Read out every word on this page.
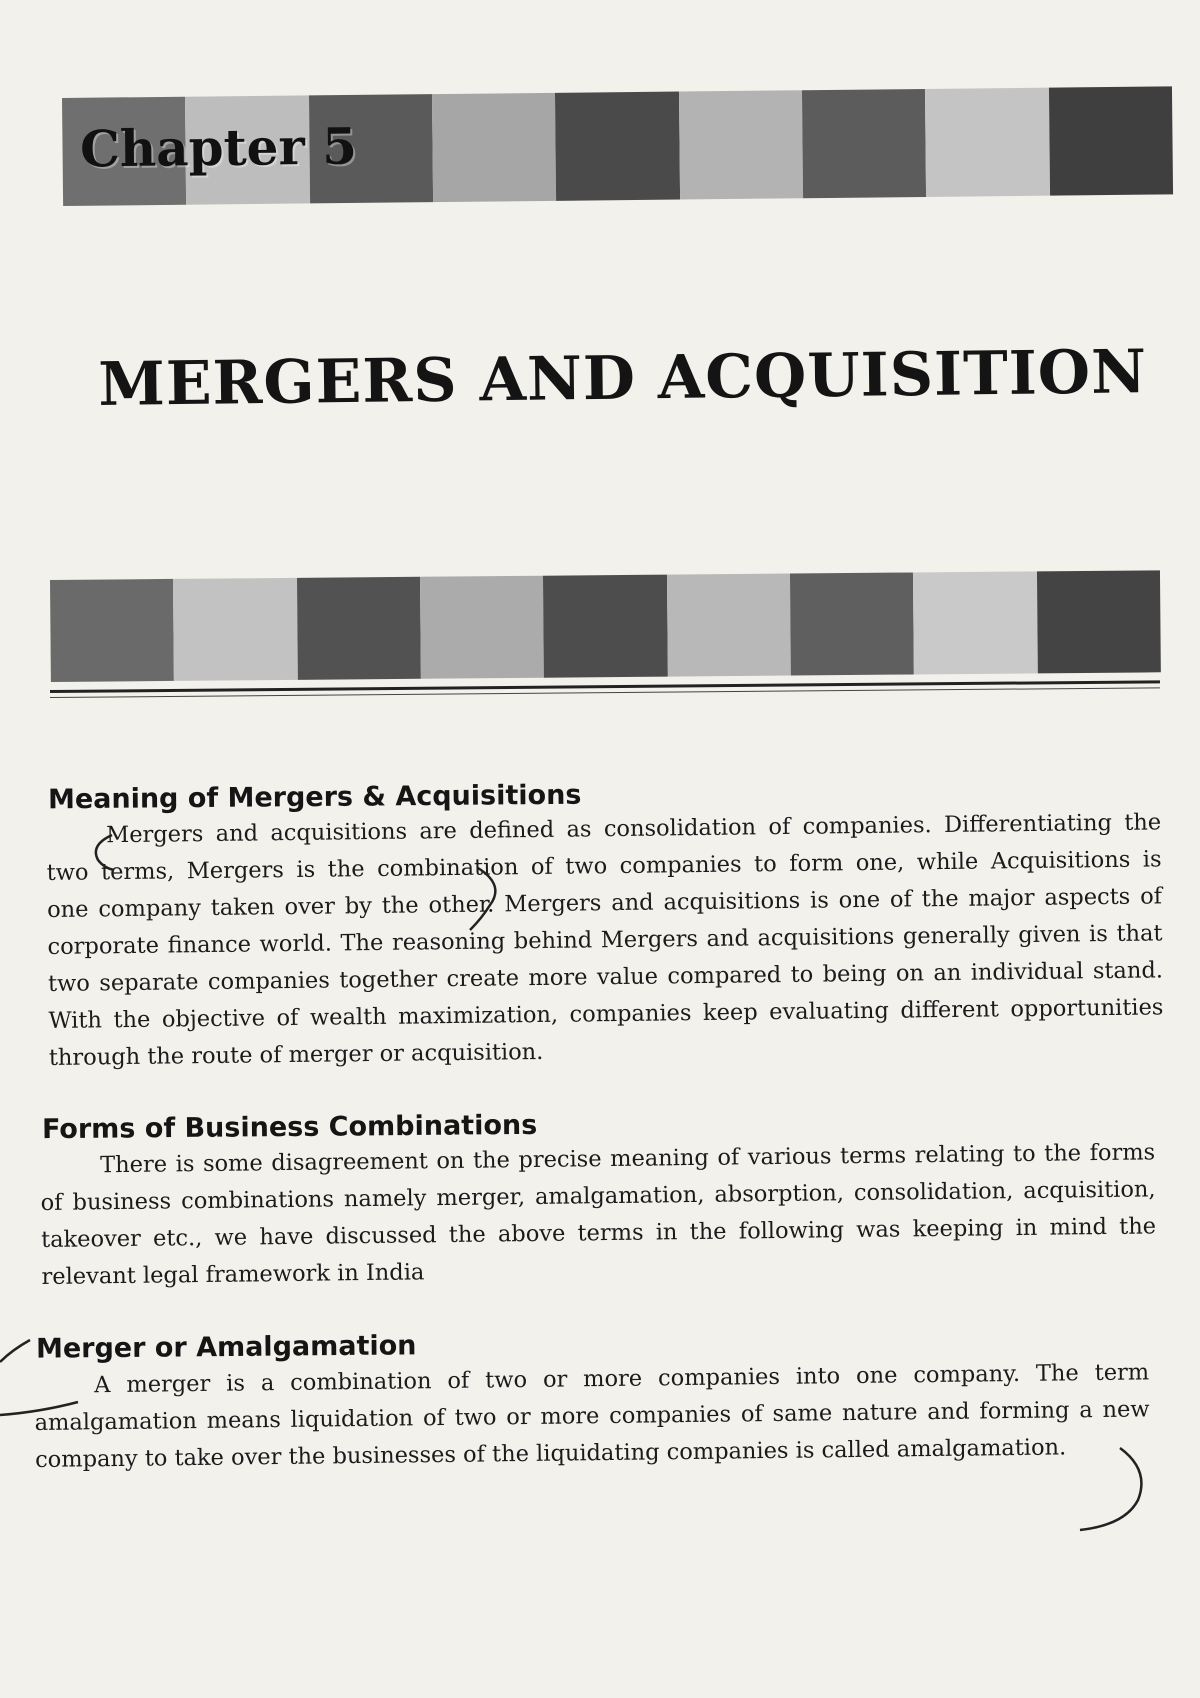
Chapter 5
MERGERS AND ACQUISITION
Meaning of Mergers & Acquisitions
Mergers and acquisitions are defined as consolidation of companies. Differentiating the
two terms, Mergers is the combination of two companies to form one, while Acquisitions is
one company taken over by the other. Mergers and acquisitions is one of the major aspects of
corporate finance world. The reasoning behind Mergers and acquisitions generally given is that
two separate companies together create more value compared to being on an individual stand.
With the objective of wealth maximization, companies keep evaluating different opportunities
through the route of merger or acquisition.
Forms of Business Combinations
There is some disagreement on the precise meaning of various terms relating to the forms
of business combinations namely merger, amalgamation, absorption, consolidation, acquisition,
takeover etc., we have discussed the above terms in the following was keeping in mind the
relevant legal framework in India
Merger or Amalgamation
A merger is a combination of two or more companies into one company. The term
amalgamation means liquidation of two or more companies of same nature and forming a new
company to take over the businesses of the liquidating companies is called amalgamation.
